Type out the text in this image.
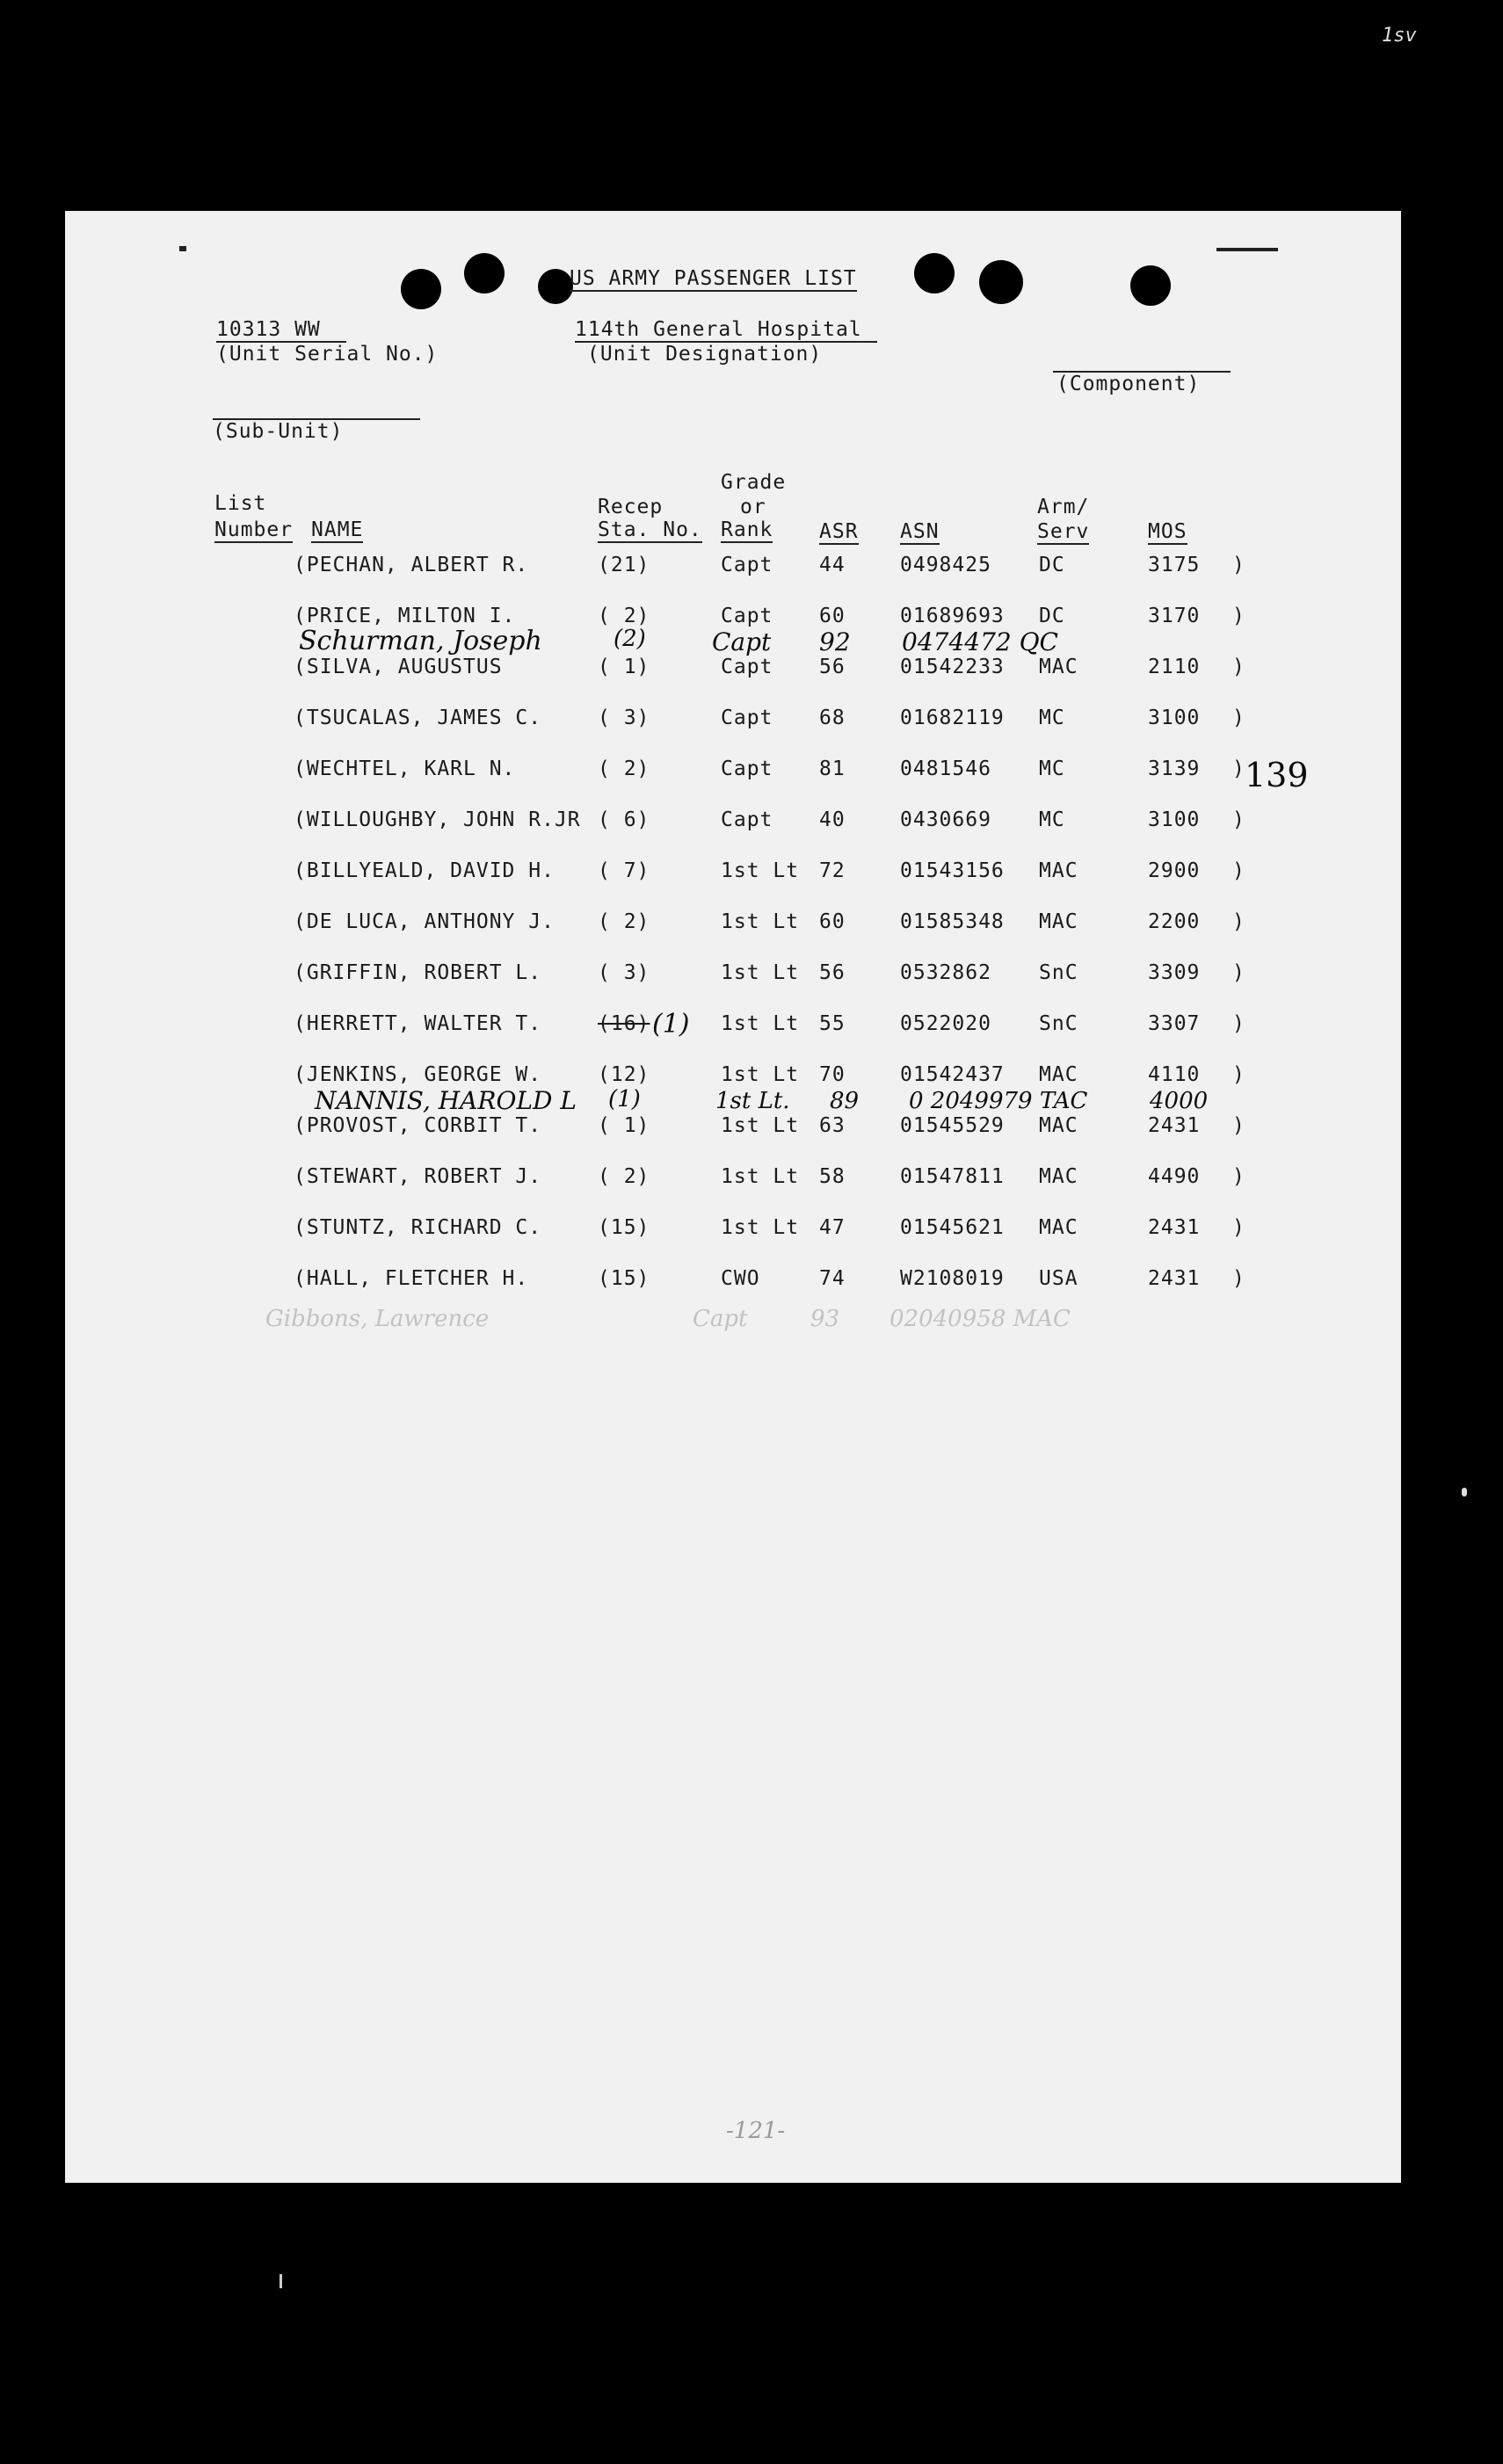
1sv
US ARMY PASSENGER LIST
10313 WW
(Unit Serial No.)
114th General Hospital
(Unit Designation)
(Component)
(Sub-Unit)
List
Number NAME
Recep
Sta. No.
Grade
or
Rank ASR ASN
Arm/
Serv	MOS
(PECHAN, ALBERT R.	(21)	Capt 44	0498425 DC	3175 )
(PRICE, MILTON I.	( 2)	Capt 60	01689693 DC	3170 )
(SILVA, AUGUSTUS	( 1)	Capt 56	01542233 MAC	2110 )
(TSUCALAS, JAMES C.	( 3)	Capt 68	01682119 MC	3100 )
(WECHTEL, KARL N.	( 2)	Capt 81	0481546 MC	3139 )
(WILLOUGHBY, JOHN R.JR ( 6)	Capt 40	0430669 MC	3100 )
(BILLYEALD, DAVID H. ( 7)	1st Lt 72	01543156 MAC	2900 )
(DE LUCA, ANTHONY J. ( 2)	1st Lt 60	01585348 MAC	2200 )
(GRIFFIN, ROBERT L.	( 3)	1st Lt 56	0532862 SnC	3309 )
(HERRETT, WALTER T.	(16) (1) 1st Lt 55	0522020 SnC	3307 )
(JENKINS, GEORGE W.	(12)	1st Lt 70	01542437 MAC	4110 )
(PROVOST, CORBIT T.	( 1)	1st Lt 63	01545529 MAC	2431 )
(STEWART, ROBERT J.	( 2)	1st Lt 58	01547811 MAC	4490 )
(STUNTZ, RICHARD C.	(15)	1st Lt 47	01545621 MAC	2431 )
(HALL, FLETCHER H.	(15)	CWO	74	W2108019 USA	2431 )
139
Schurman, Joseph	(2)	Capt 92 0474472 QC
NANNIS, HAROLD L (1)	1st Lt. 89 0 2049979 TAC	4000
Gibbons, Lawrence	Capt	93 02040958 MAC
-121-
